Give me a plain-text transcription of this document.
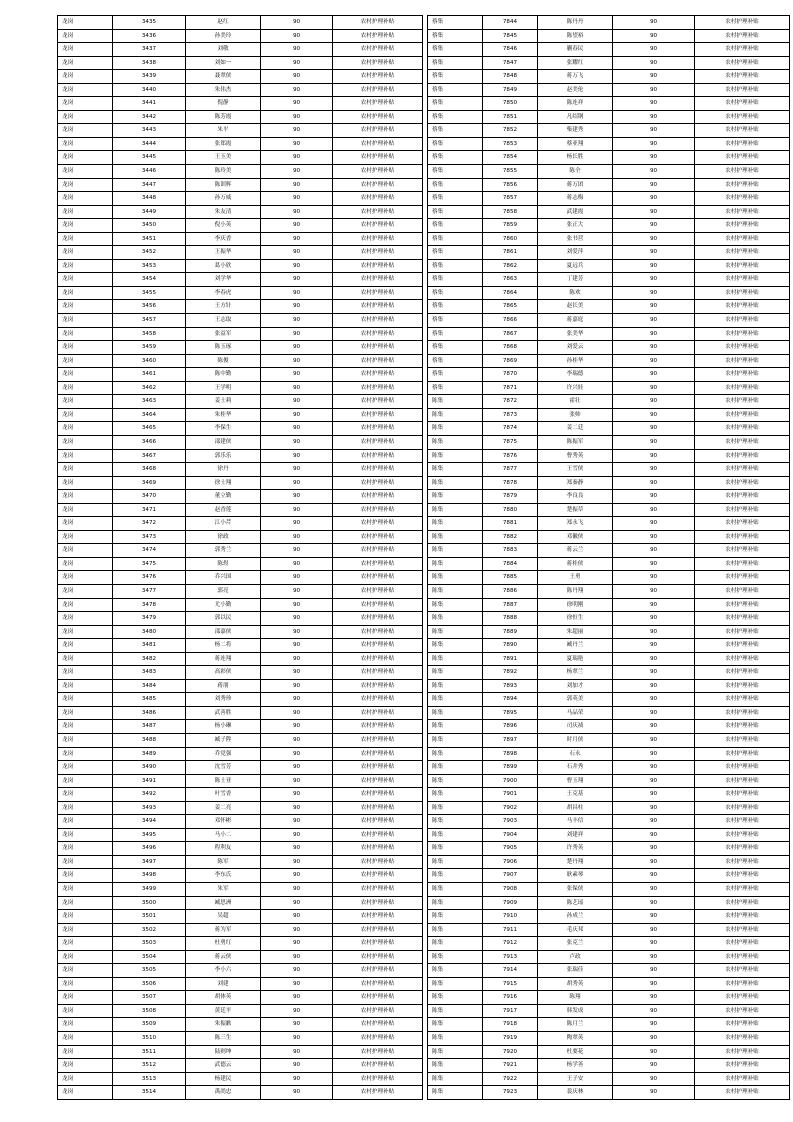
龙岗	3435	赵红	90	农村护理补贴
龙岗	3436	孙美玲	90	农村护理补贴
龙岗	3437	刘敬	90	农村护理补贴
龙岗	3438	刘如一	90	农村护理补贴
龙岗	3439	聂翠侠	90	农村护理补贴
龙岗	3440	朱伟杰	90	农村护理补贴
龙岗	3441	倪静	90	农村护理补贴
龙岗	3442	陈芳霞	90	农村护理补贴
龙岗	3443	朱平	90	农村护理补贴
龙岗	3444	张郑霞	90	农村护理补贴
龙岗	3445	王玉美	90	农村护理补贴
龙岗	3446	陈玲美	90	农村护理补贴
龙岗	3447	陈训辉	90	农村护理补贴
龙岗	3448	孙万威	90	农村护理补贴
龙岗	3449	朱友清	90	农村护理补贴
龙岗	3450	倪小英	90	农村护理补贴
龙岗	3451	李庆香	90	农村护理补贴
龙岗	3452	王振华	90	农村护理补贴
龙岗	3453	葛小欣	90	农村护理补贴
龙岗	3454	刘学华	90	农村护理补贴
龙岗	3455	李春虎	90	农村护理补贴
龙岗	3456	王方针	90	农村护理补贴
龙岗	3457	王志取	90	农村护理补贴
龙岗	3458	张益军	90	农村护理补贴
龙岗	3459	陈玉琢	90	农村护理补贴
龙岗	3460	陈俊	90	农村护理补贴
龙岗	3461	陈中勤	90	农村护理补贴
龙岗	3462	王学明	90	农村护理补贴
龙岗	3463	姜士莉	90	农村护理补贴
龙岗	3464	朱桂华	90	农村护理补贴
龙岗	3465	李保生	90	农村护理补贴
龙岗	3466	邵建侠	90	农村护理补贴
龙岗	3467	郭乐乐	90	农村护理补贴
龙岗	3468	徐丹	90	农村护理补贴
龙岗	3469	徐士翔	90	农村护理补贴
龙岗	3470	董立勤	90	农村护理补贴
龙岗	3471	赵香莲	90	农村护理补贴
龙岗	3472	江小芹	90	农村护理补贴
龙岗	3473	徐政	90	农村护理补贴
龙岗	3474	郭秀兰	90	农村护理补贴
龙岗	3475	陈煜	90	农村护理补贴
龙岗	3476	乔兴国	90	农村护理补贴
龙岗	3477	郭亮	90	农村护理补贴
龙岗	3478	尤小勤	90	农村护理补贴
龙岗	3479	郭以民	90	农村护理补贴
龙岗	3480	邵嘉侠	90	农村护理补贴
龙岗	3481	杨二将	90	农村护理补贴
龙岗	3482	蒋连翔	90	农村护理补贴
龙岗	3483	高彩侠	90	农村护理补贴
龙岗	3484	蒋朋	90	农村护理补贴
龙岗	3485	刘秀珍	90	农村护理补贴
龙岗	3486	武善胜	90	农村护理补贴
龙岗	3487	杨小琳	90	农村护理补贴
龙岗	3488	臧子陞	90	农村护理补贴
龙岗	3489	乔党强	90	农村护理补贴
龙岗	3490	沈雪芳	90	农村护理补贴
龙岗	3491	陈士亚	90	农村护理补贴
龙岗	3492	叶雪香	90	农村护理补贴
龙岗	3493	姜二亮	90	农村护理补贴
龙岗	3494	邓怀彬	90	农村护理补贴
龙岗	3495	马小二	90	农村护理补贴
龙岗	3496	程利友	90	农村护理补贴
龙岗	3497	陈军	90	农村护理补贴
龙岗	3498	李东氏	90	农村护理补贴
龙岗	3499	朱军	90	农村护理补贴
龙岗	3500	臧思洲	90	农村护理补贴
龙岗	3501	吴超	90	农村护理补贴
龙岗	3502	蒋为军	90	农村护理补贴
龙岗	3503	杜勇红	90	农村护理补贴
龙岗	3504	蒋云侠	90	农村护理补贴
龙岗	3505	李小六	90	农村护理补贴
龙岗	3506	刘建	90	农村护理补贴
龙岗	3507	胡体英	90	农村护理补贴
龙岗	3508	黄廷平	90	农村护理补贴
龙岗	3509	朱振歉	90	农村护理补贴
龙岗	3510	陈三生	90	农村护理补贴
龙岗	3511	陆则坤	90	农村护理补贴
龙岗	3512	武德云	90	农村护理补贴
龙岗	3513	杨建民	90	农村护理补贴
龙岗	3514	禹尚忠	90	农村护理补贴
蔡集	7844	陈丹丹	90	农村护理补贴
蔡集	7845	陈望裕	90	农村护理补贴
蔡集	7846	蒯春民	90	农村护理补贴
蔡集	7847	张耀红	90	农村护理补贴
蔡集	7848	蒋万飞	90	农村护理补贴
蔡集	7849	赵美伦	90	农村护理补贴
蔡集	7850	陈连祥	90	农村护理补贴
蔡集	7851	凡绍钢	90	农村护理补贴
蔡集	7852	柴建秀	90	农村护理补贴
蔡集	7853	蔡亚翔	90	农村护理补贴
蔡集	7854	杨长胜	90	农村护理补贴
蔡集	7855	陈全	90	农村护理补贴
蔡集	7856	蒋万团	90	农村护理补贴
蔡集	7857	蒋志梅	90	农村护理补贴
蔡集	7858	武建霞	90	农村护理补贴
蔡集	7859	张正大	90	农村护理补贴
蔡集	7860	张书营	90	农村护理补贴
蔡集	7861	刘爱萍	90	农村护理补贴
蔡集	7862	夏远兵	90	农村护理补贴
蔡集	7863	丁建芳	90	农村护理补贴
蔡集	7864	陈欢	90	农村护理补贴
蔡集	7865	赵长美	90	农村护理补贴
蔡集	7866	蒋嘉庭	90	农村护理补贴
蔡集	7867	张美华	90	农村护理补贴
蔡集	7868	刘爱云	90	农村护理补贴
蔡集	7869	孙桂华	90	农村护理补贴
蔡集	7870	李瑞德	90	农村护理补贴
蔡集	7871	许兴娃	90	农村护理补贴
陈集	7872	霍壮	90	农村护理补贴
陈集	7873	张帅	90	农村护理补贴
陈集	7874	姜二廷	90	农村护理补贴
陈集	7875	陈振军	90	农村护理补贴
陈集	7876	曹秀英	90	农村护理补贴
陈集	7877	王雪侠	90	农村护理补贴
陈集	7878	郑秦静	90	农村护理补贴
陈集	7879	李良良	90	农村护理补贴
陈集	7880	楚振草	90	农村护理补贴
陈集	7881	郑永飞	90	农村护理补贴
陈集	7882	邓徽侠	90	农村护理补贴
陈集	7883	蒋云兰	90	农村护理补贴
陈集	7884	蒋桂侠	90	农村护理补贴
陈集	7885	王勇	90	农村护理补贴
陈集	7886	陈丹翔	90	农村护理补贴
陈集	7887	徐明刚	90	农村护理补贴
陈集	7888	徐恒生	90	农村护理补贴
陈集	7889	朱超丽	90	农村护理补贴
陈集	7890	臧丹兰	90	农村护理补贴
陈集	7891	夏瑞艳	90	农村护理补贴
陈集	7892	杨翠兰	90	农村护理补贴
陈集	7893	刘加才	90	农村护理补贴
陈集	7894	郭英美	90	农村护理补贴
陈集	7895	马品荣	90	农村护理补贴
陈集	7896	司庆祯	90	农村护理补贴
陈集	7897	时月侠	90	农村护理补贴
陈集	7898	石永	90	农村护理补贴
陈集	7899	石井秀	90	农村护理补贴
陈集	7900	曹玉翔	90	农村护理补贴
陈集	7901	王克基	90	农村护理补贴
陈集	7902	胡昌柱	90	农村护理补贴
陈集	7903	马丰信	90	农村护理补贴
陈集	7904	刘建祥	90	农村护理补贴
陈集	7905	许秀英	90	农村护理补贴
陈集	7906	楚丹翔	90	农村护理补贴
陈集	7907	耿素琴	90	农村护理补贴
陈集	7908	张保侠	90	农村护理补贴
陈集	7909	陈艺瑶	90	农村护理补贴
陈集	7910	孙成兰	90	农村护理补贴
陈集	7911	毛庆邦	90	农村护理补贴
陈集	7912	张克兰	90	农村护理补贴
陈集	7913	卢政	90	农村护理补贴
陈集	7914	张瑞佳	90	农村护理补贴
陈集	7915	胡秀英	90	农村护理补贴
陈集	7916	陈翔	90	农村护理补贴
陈集	7917	韩发成	90	农村护理补贴
陈集	7918	陈月兰	90	农村护理补贴
陈集	7919	陶翠英	90	农村护理补贴
陈集	7920	杜要花	90	农村护理补贴
陈集	7921	杨学善	90	农村护理补贴
陈集	7922	王子安	90	农村护理补贴
陈集	7923	裴庆林	90	农村护理补贴
